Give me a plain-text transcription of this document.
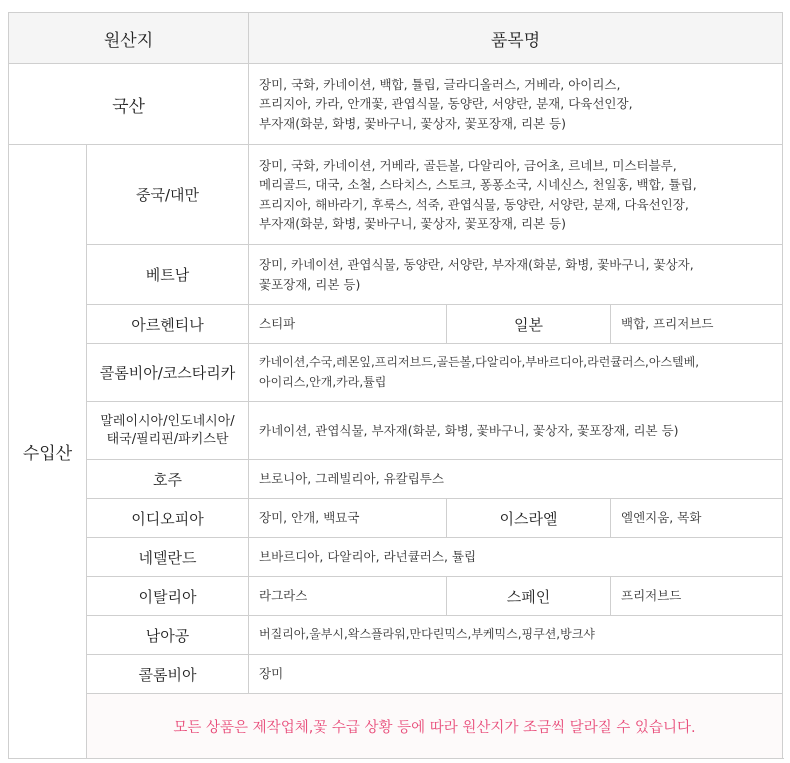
원산지		품목명		
국산		장미, 국화, 카네이션, 백합, 튤립, 글라디올러스, 거베라, 아이리스,
프리지아, 카라, 안개꽃, 관엽식물, 동양란, 서양란, 분재, 다육선인장,
부자재(화분, 화병, 꽃바구니, 꽃상자, 꽃포장재, 리본 등)		

수입산	중국/대만	장미, 국화, 카네이션, 거베라, 골든볼, 다알리아, 금어초, 르네브, 미스터블루,
메리골드, 대국, 소철, 스타치스, 스토크, 퐁퐁소국, 시네신스, 천일홍, 백합, 튤립,
프리지아, 해바라기, 후룩스, 석죽, 관엽식물, 동양란, 서양란, 분재, 다육선인장,
부자재(화분, 화병, 꽃바구니, 꽃상자, 꽃포장재, 리본 등)		

	베트남	장미, 카네이션, 관엽식물, 동양란, 서양란, 부자재(화분, 화병, 꽃바구니, 꽃상자,
꽃포장재, 리본 등)		

	아르헨티나	스티파	일본	백합, 프리저브드
	콜롬비아/코스타리카	카네이션,수국,레몬잎,프리저브드,골든볼,다알리아,부바르디아,라런큘러스,아스텔베,
아이리스,안개,카라,튤립		

	말레이시아/인도네시아/
태국/필리핀/파키스탄	카네이션, 관엽식물, 부자재(화분, 화병, 꽃바구니, 꽃상자, 꽃포장재, 리본 등)		
	호주	브로니아, 그레빌리아, 유칼립투스		
	이디오피아	장미, 안개, 백묘국	이스라엘	엘엔지움, 목화
	네델란드	브바르디아, 다알리아, 라넌큘러스, 튤립		
	이탈리아	라그라스	스페인	프리저브드
	남아공	버질리아,울부시,왁스플라워,만다린믹스,부케믹스,핑쿠션,방크샤		
	콜롬비아	장미		
	모든 상품은 제작업체,꽃 수급 상황 등에 따라 원산지가 조금씩 달라질 수 있습니다.			
